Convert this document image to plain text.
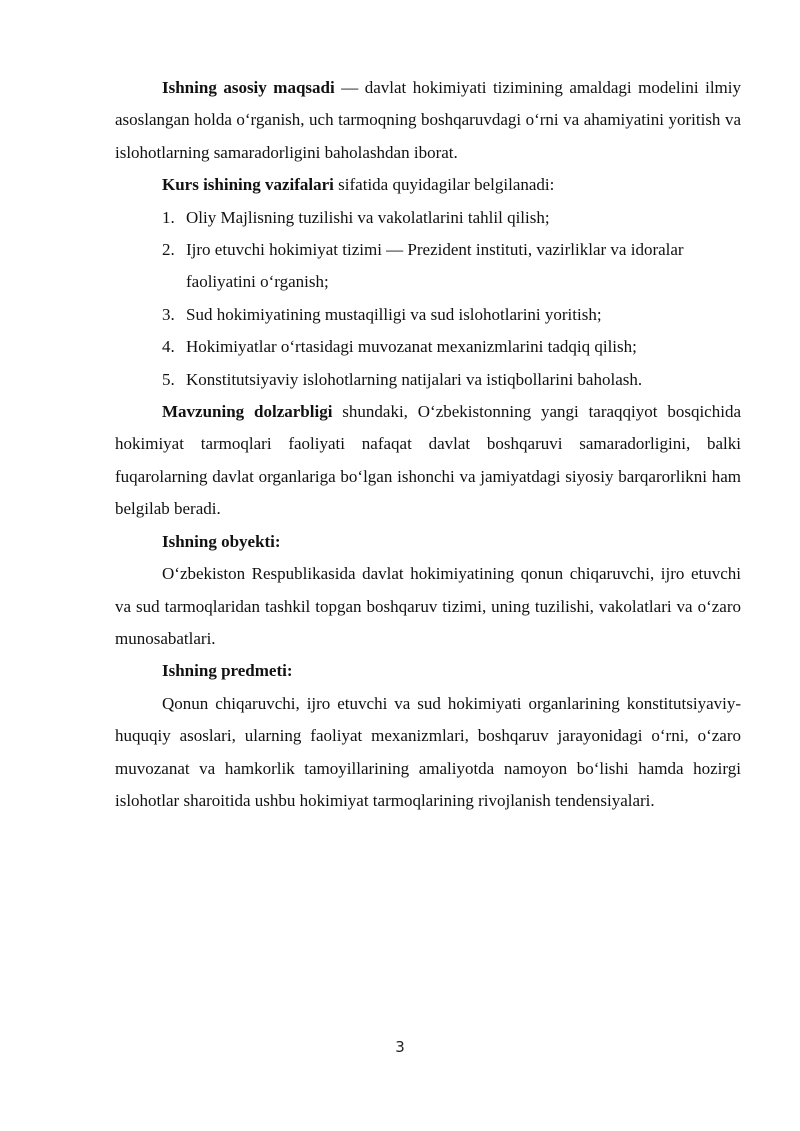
Ishning asosiy maqsadi — davlat hokimiyati tizimining amaldagi modelini ilmiy asoslangan holda o‘rganish, uch tarmoqning boshqaruvdagi o‘rni va ahamiyatini yoritish va islohotlarning samaradorligini baholashdan iborat.

Kurs ishining vazifalari sifatida quyidagilar belgilanadi:

1. Oliy Majlisning tuzilishi va vakolatlarini tahlil qilish;
2. Ijro etuvchi hokimiyat tizimi — Prezident instituti, vazirliklar va idoralar faoliyatini o‘rganish;
3. Sud hokimiyatining mustaqilligi va sud islohotlarini yoritish;
4. Hokimiyatlar o‘rtasidagi muvozanat mexanizmlarini tadqiq qilish;
5. Konstitutsiyaviy islohotlarning natijalari va istiqbollarini baholash.

Mavzuning dolzarbligi shundaki, O‘zbekistonning yangi taraqqiyot bosqichida hokimiyat tarmoqlari faoliyati nafaqat davlat boshqaruvi samaradorligini, balki fuqarolarning davlat organlariga bo‘lgan ishonchi va jamiyatdagi siyosiy barqarorlikni ham belgilab beradi.

Ishning obyekti:

O‘zbekiston Respublikasida davlat hokimiyatining qonun chiqaruvchi, ijro etuvchi va sud tarmoqlaridan tashkil topgan boshqaruv tizimi, uning tuzilishi, vakolatlari va o‘zaro munosabatlari.

Ishning predmeti:

Qonun chiqaruvchi, ijro etuvchi va sud hokimiyati organlarining konstitutsiyaviy-huquqiy asoslari, ularning faoliyat mexanizmlari, boshqaruv jarayonidagi o‘rni, o‘zaro muvozanat va hamkorlik tamoyillarining amaliyotda namoyon bo‘lishi hamda hozirgi islohotlar sharoitida ushbu hokimiyat tarmoqlarining rivojlanish tendensiyalari.

3
